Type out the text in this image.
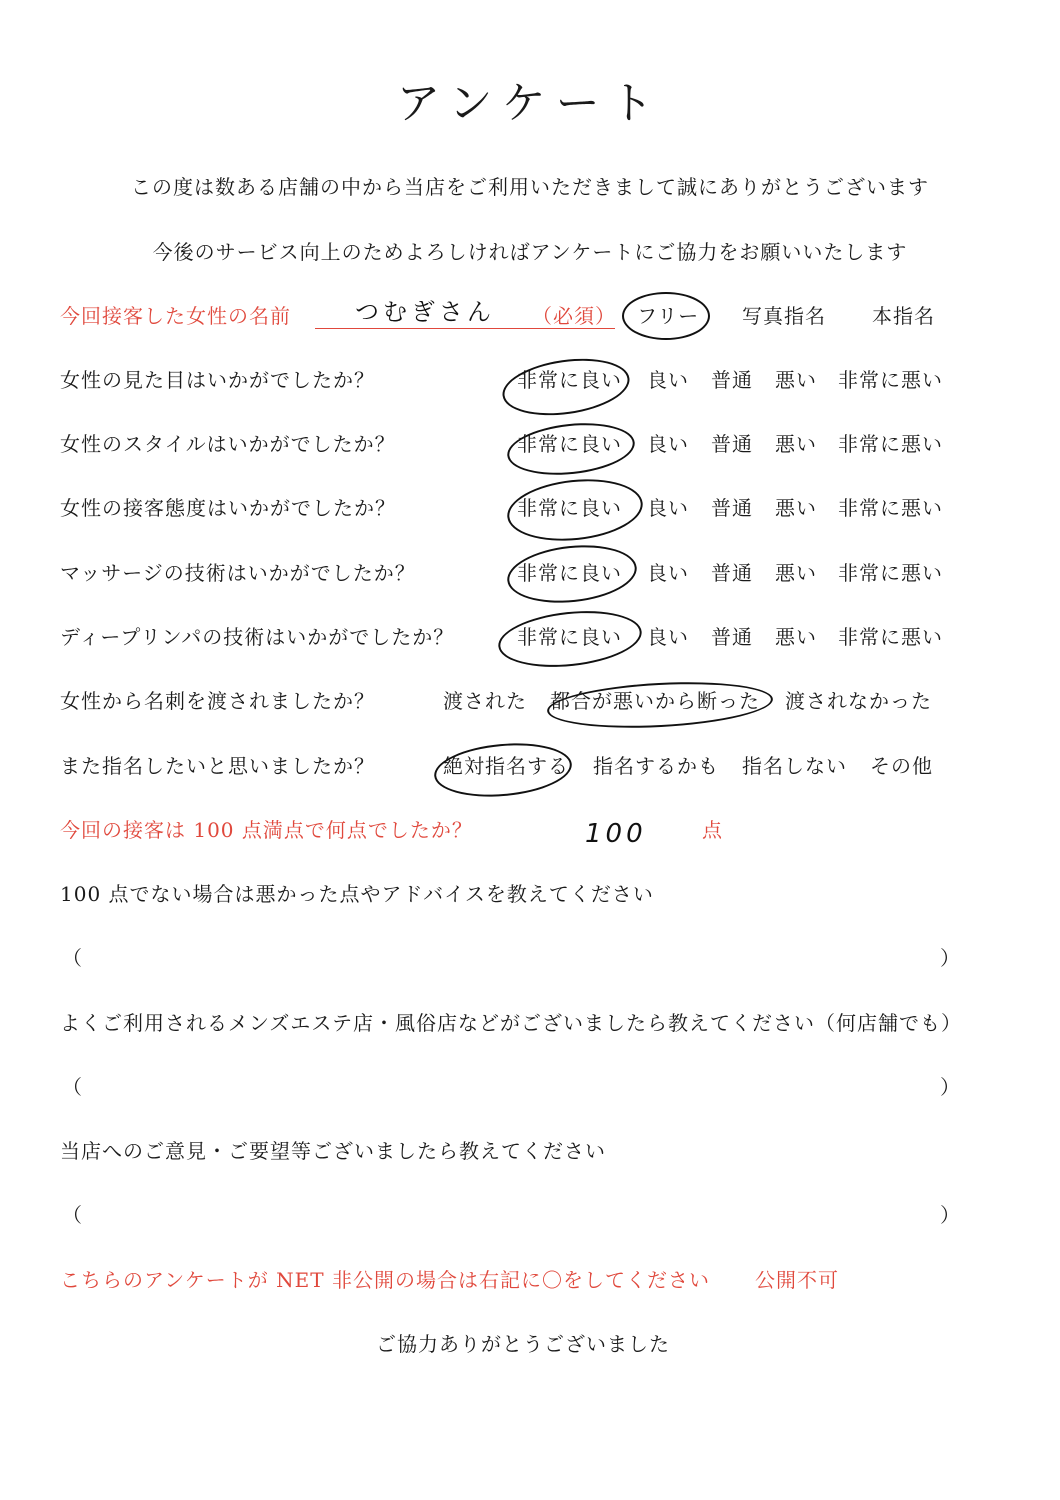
アンケート
この度は数ある店舗の中から当店をご利用いただきまして誠にありがとうございます
今後のサービス向上のためよろしければアンケートにご協力をお願いいたします
今回接客した女性の名前	つむぎさん （必須） フリー 写真指名 本指名
女性の見た目はいかがでしたか？	非常に良い 良い 普通 悪い 非常に悪い
女性のスタイルはいかがでしたか？	非常に良い 良い 普通 悪い 非常に悪い
女性の接客態度はいかがでしたか？	非常に良い 良い 普通 悪い 非常に悪い
マッサージの技術はいかがでしたか？	非常に良い 良い 普通 悪い 非常に悪い
ディープリンパの技術はいかがでしたか？	非常に良い 良い 普通 悪い 非常に悪い
女性から名刺を渡されましたか？	渡された 都合が悪いから断った 渡されなかった
また指名したいと思いましたか？	絶対指名する 指名するかも 指名しない その他
今回の接客は 100 点満点で何点でしたか？	100	点
100 点でない場合は悪かった点やアドバイスを教えてください
（	）
よくご利用されるメンズエステ店・風俗店などがございましたら教えてください（何店舗でも）
（	）
当店へのご意見・ご要望等ございましたら教えてください
（	）
こちらのアンケートが NET 非公開の場合は右記に〇をしてください 公開不可
ご協力ありがとうございました
